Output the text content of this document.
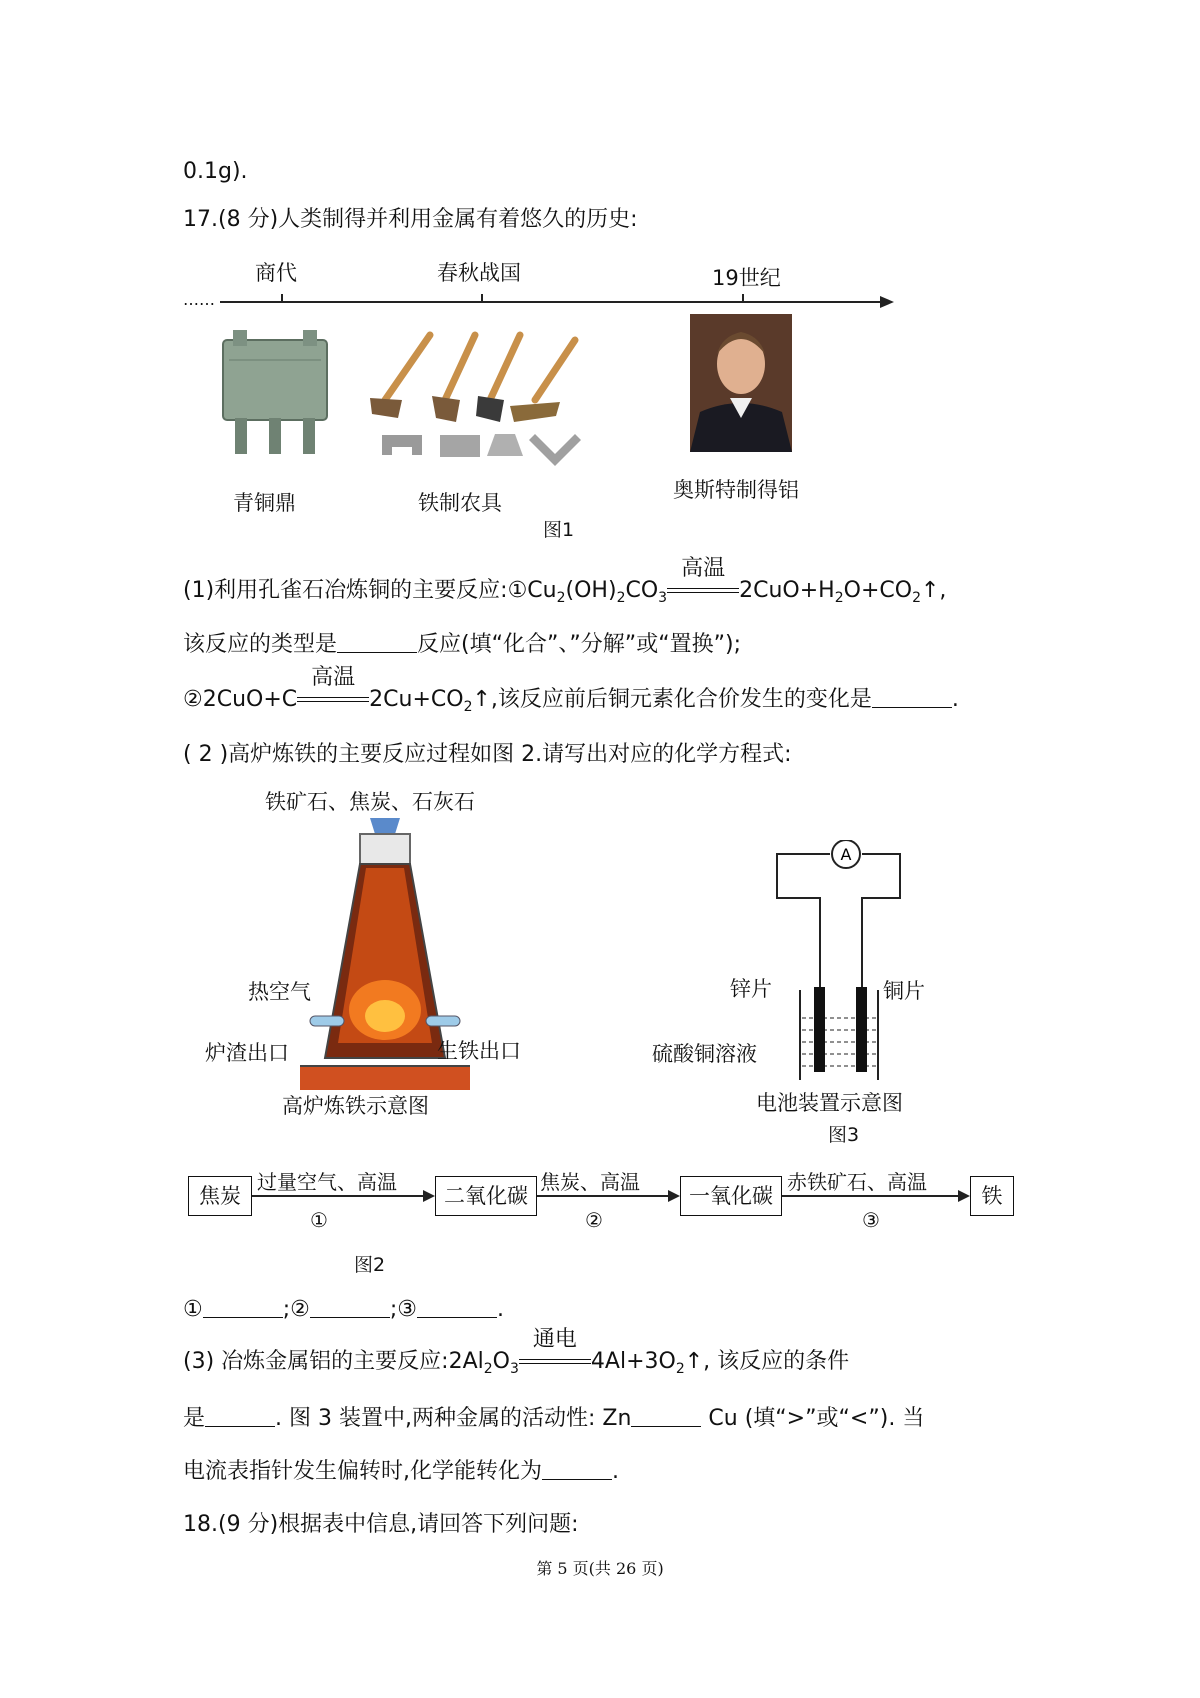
0.1g).
17.(8 分)人类制得并利用金属有着悠久的历史:
……
商代	春秋战国	19世纪
青铜鼎	铁制农具
奥斯特制得铝
图1
(1)利用孔雀石冶炼铜的主要反应$:①Cu_2(OH)_2CO_3$
高温
$2CuO+H_2O+CO_2↑$,
该反应的类型是	反应(填“化合”、”分解”或“置换”);
②2CuO+C
高温
$2Cu+CO_2↑$,该反应前后铜元素化合价发生的变化是	.
( 2 )高炉炼铁的主要反应过程如图 2.请写出对应的化学方程式:
铁矿石、焦炭、石灰石
热空气
炉渣出口	生铁出口
高炉炼铁示意图
A
锌片	铜片
硫酸铜溶液
电池装置示意图
图3
焦炭	二氧化碳	一氧化碳	铁
过量空气、高温	焦炭、高温	赤铁矿石、高温
①	②	③
图2
①	;②	;③	.
(3) 冶炼金属铝的主要反应$:2Al_2O_3$
通电
$4Al+3O_2↑$, 该反应的条件
是	. 图 3 装置中,两种金属的活动性: Zn	Cu (填“>”或“<”). 当
电流表指针发生偏转时,化学能转化为	.
18.(9 分)根据表中信息,请回答下列问题:
第 5 页(共 26 页)
